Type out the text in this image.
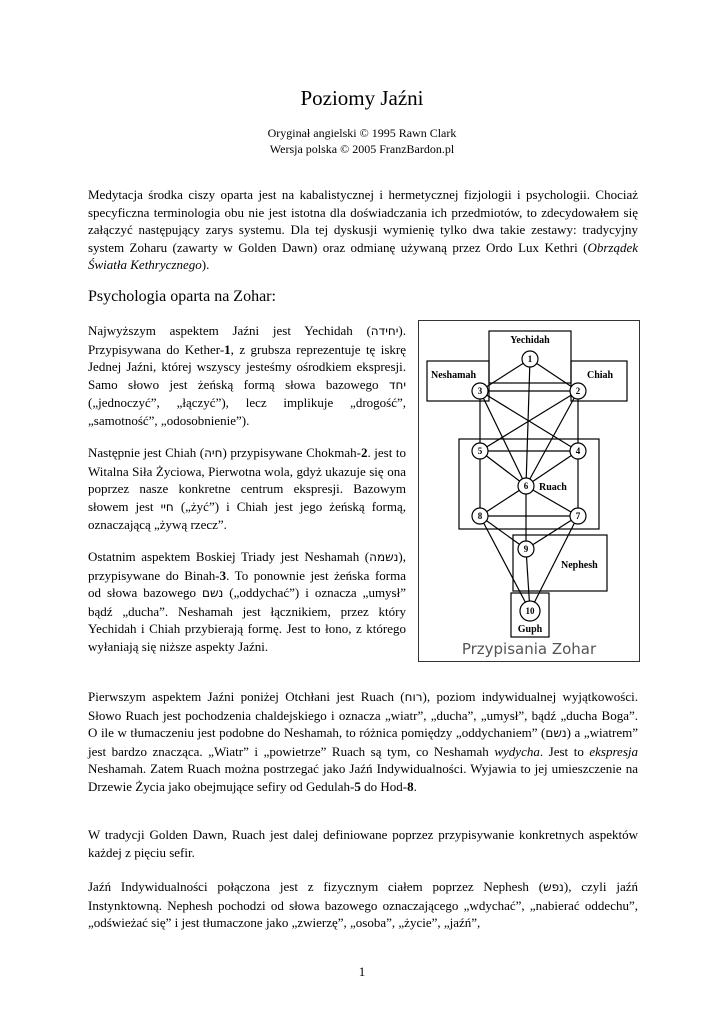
Poziomy Jaźni
Oryginał angielski © 1995 Rawn Clark
Wersja polska © 2005 FranzBardon.pl

Medytacja środka ciszy oparta jest na kabalistycznej i hermetycznej fizjologii i psychologii. Chociaż specyficzna terminologia obu nie jest istotna dla doświadczania ich przedmiotów, to zdecydowałem się załączyć następujący zarys systemu. Dla tej dyskusji wymienię tylko dwa takie zestawy: tradycyjny system Zoharu (zawarty w Golden Dawn) oraz odmianę używaną przez Ordo Lux Kethri (Obrządek Światła Kethrycznego).

Psychologia oparta na Zohar:

Najwyższym aspektem Jaźni jest Yechidah (יחידה). Przypisywana do Kether-1, z grubsza reprezentuje tę iskrę Jednej Jaźni, której wszyscy jesteśmy ośrodkiem ekspresji. Samo słowo jest żeńską formą słowa bazowego יחד („jednoczyć”, „łączyć”), lecz implikuje „drogość”, „samotność”, „odosobnienie”).

Następnie jest Chiah (חיה) przypisywane Chokmah-2. jest to Witalna Siła Życiowa, Pierwotna wola, gdyż ukazuje się ona poprzez nasze konkretne centrum ekspresji. Bazowym słowem jest חיי („żyć”) i Chiah jest jego żeńską formą, oznaczającą „żywą rzecz”.

Ostatnim aspektem Boskiej Triady jest Neshamah (נשמה), przypisywane do Binah-3. To ponownie jest żeńska forma od słowa bazowego נשם („oddychać”) i oznacza „umysł” bądź „ducha”. Neshamah jest łącznikiem, przez który Yechidah i Chiah przybierają formę. Jest to łono, z którego wyłaniają się niższe aspekty Jaźni.

1
2
3
4
5
6
7
8
9
10
Yechidah
Neshamah	Chiah
Ruach
Nephesh
Guph
Przypisania Zohar

Pierwszym aspektem Jaźni poniżej Otchłani jest Ruach (רוח), poziom indywidualnej wyjątkowości. Słowo Ruach jest pochodzenia chaldejskiego i oznacza „wiatr”, „ducha”, „umysł”, bądź „ducha Boga”. O ile w tłumaczeniu jest podobne do Neshamah, to różnica pomiędzy „oddychaniem” (נשם) a „wiatrem” jest bardzo znacząca. „Wiatr” i „powietrze” Ruach są tym, co Neshamah wydycha. Jest to ekspresja Neshamah. Zatem Ruach można postrzegać jako Jaźń Indywidualności. Wyjawia to jej umieszczenie na Drzewie Życia jako obejmujące sefiry od Gedulah-5 do Hod-8.

W tradycji Golden Dawn, Ruach jest dalej definiowane poprzez przypisywanie konkretnych aspektów każdej z pięciu sefir.

Jaźń Indywidualności połączona jest z fizycznym ciałem poprzez Nephesh (נפש), czyli jaźń Instynktowną. Nephesh pochodzi od słowa bazowego oznaczającego „wdychać”, „nabierać oddechu”, „odświeżać się” i jest tłumaczone jako „zwierzę”, „osoba”, „życie”, „jaźń”,

1
